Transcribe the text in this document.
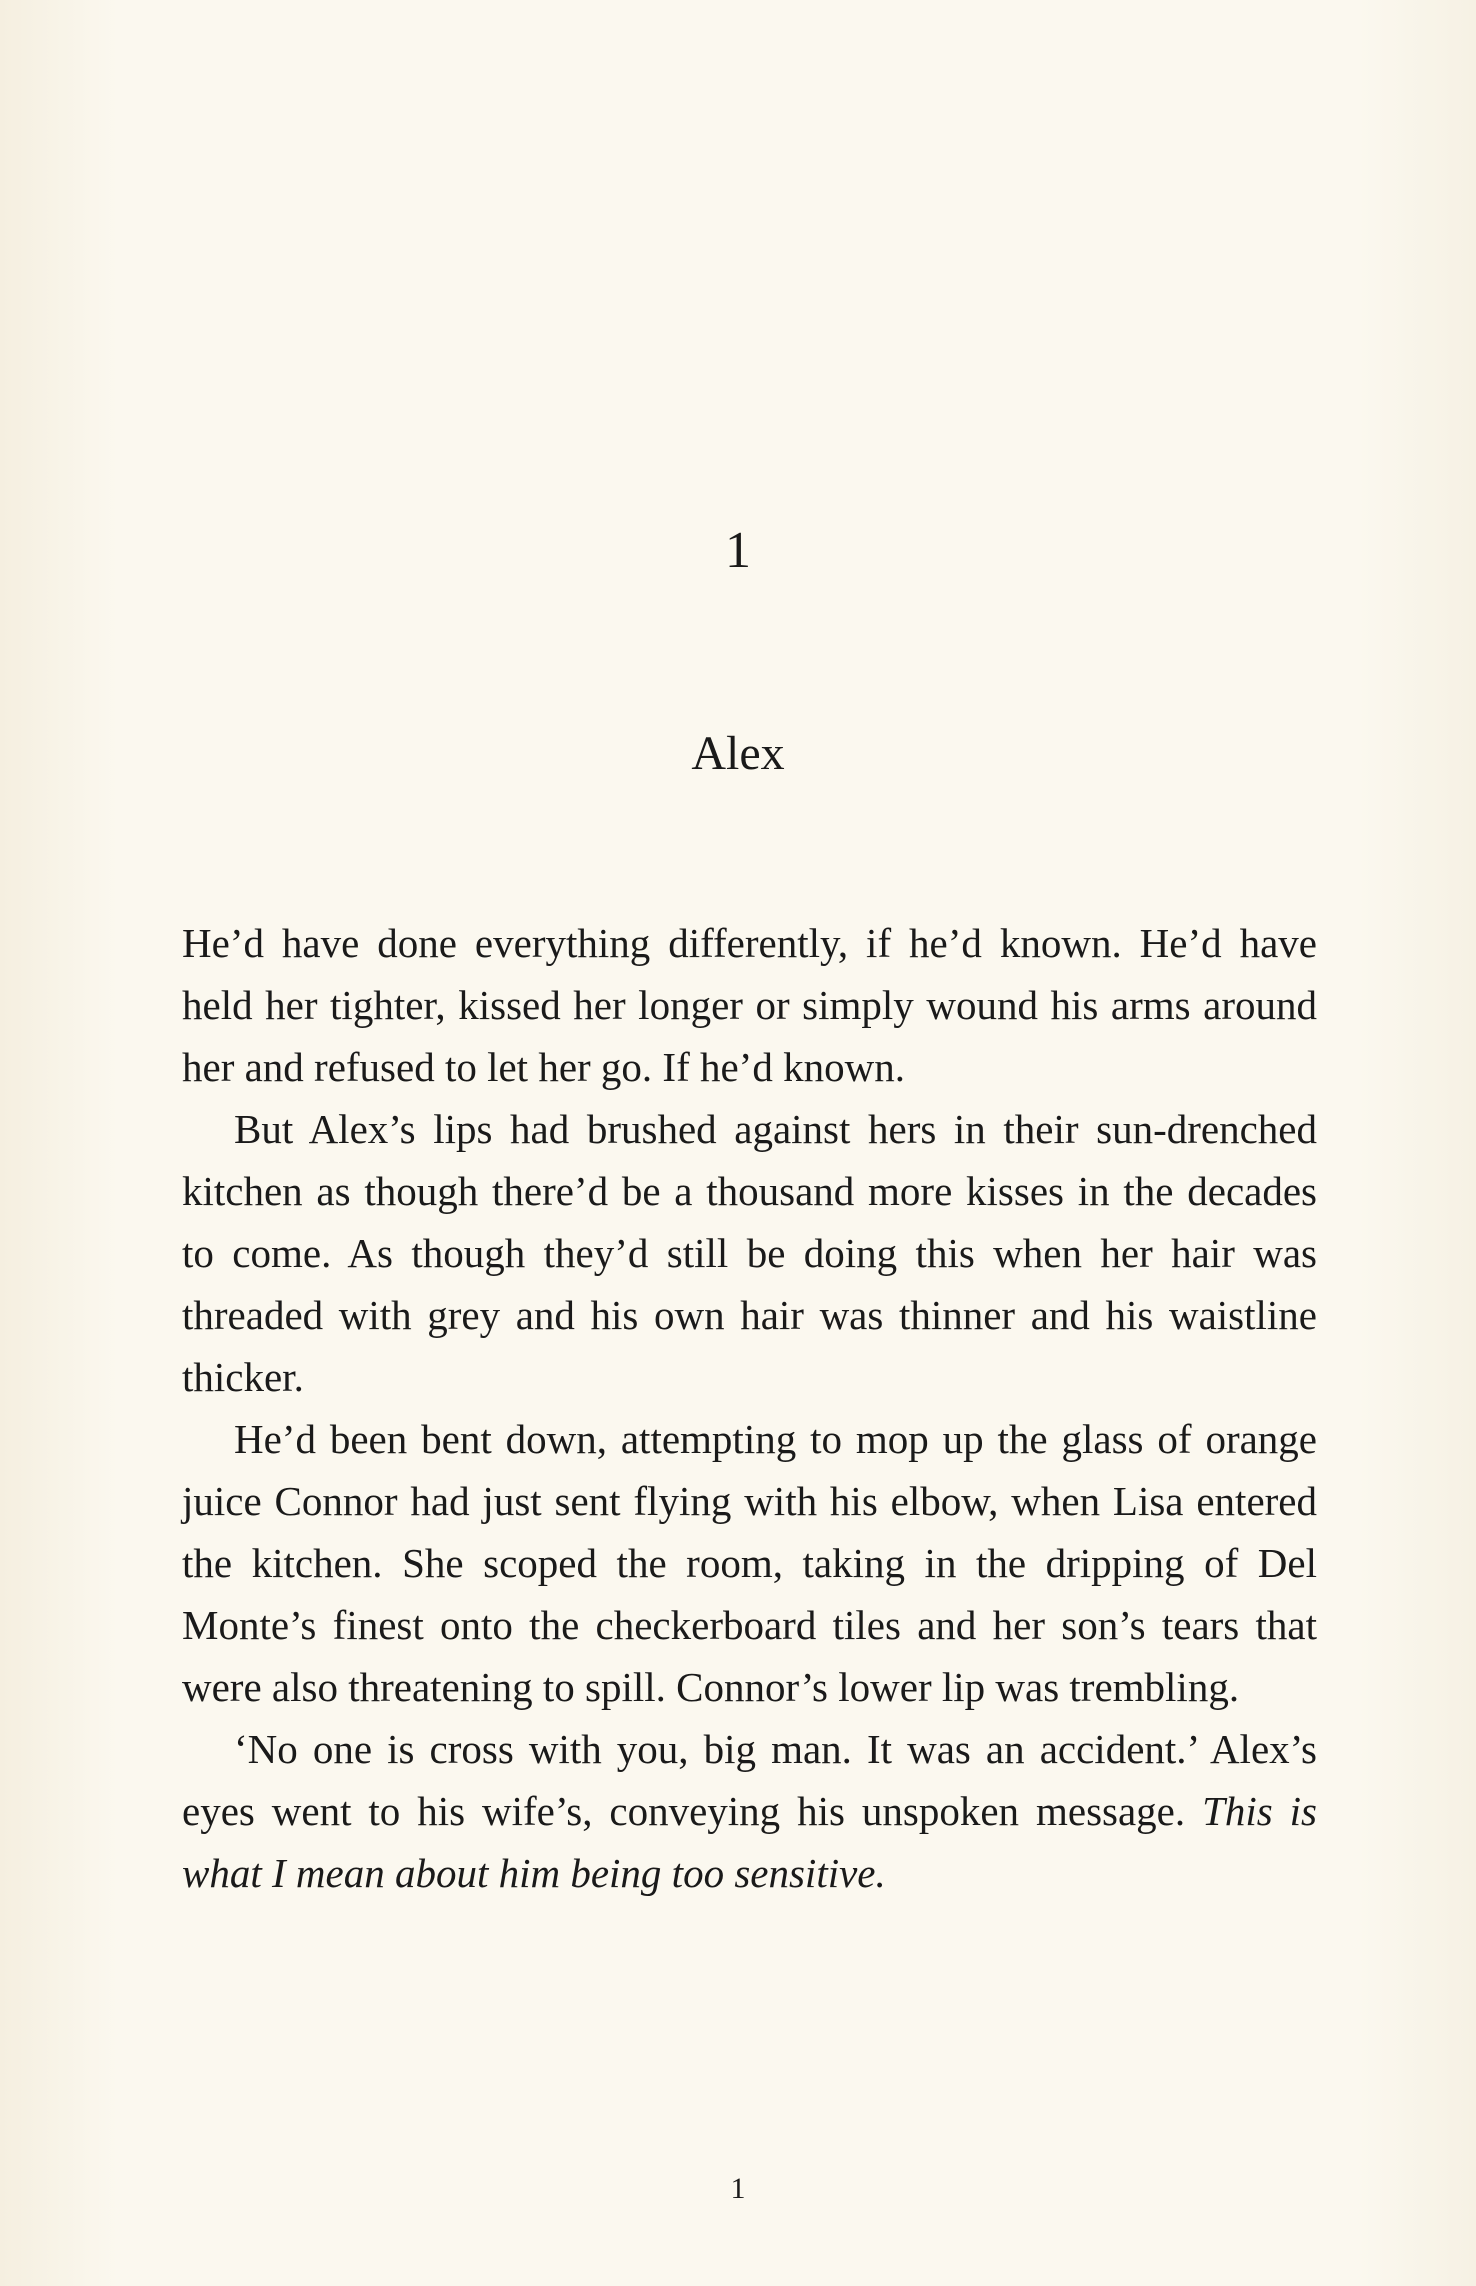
1
Alex

He’d have done everything differently, if he’d known. He’d have held her tighter, kissed her longer or simply wound his arms around her and refused to let her go. If he’d known.

But Alex’s lips had brushed against hers in their sun-drenched kitchen as though there’d be a thousand more kisses in the decades to come. As though they’d still be doing this when her hair was threaded with grey and his own hair was thinner and his waistline thicker.

He’d been bent down, attempting to mop up the glass of orange juice Connor had just sent flying with his elbow, when Lisa entered the kitchen. She scoped the room, taking in the dripping of Del Monte’s finest onto the checkerboard tiles and her son’s tears that were also threatening to spill. Connor’s lower lip was trembling.

‘No one is cross with you, big man. It was an accident.’ Alex’s eyes went to his wife’s, conveying his unspoken message. This is what I mean about him being too sensitive.

1
